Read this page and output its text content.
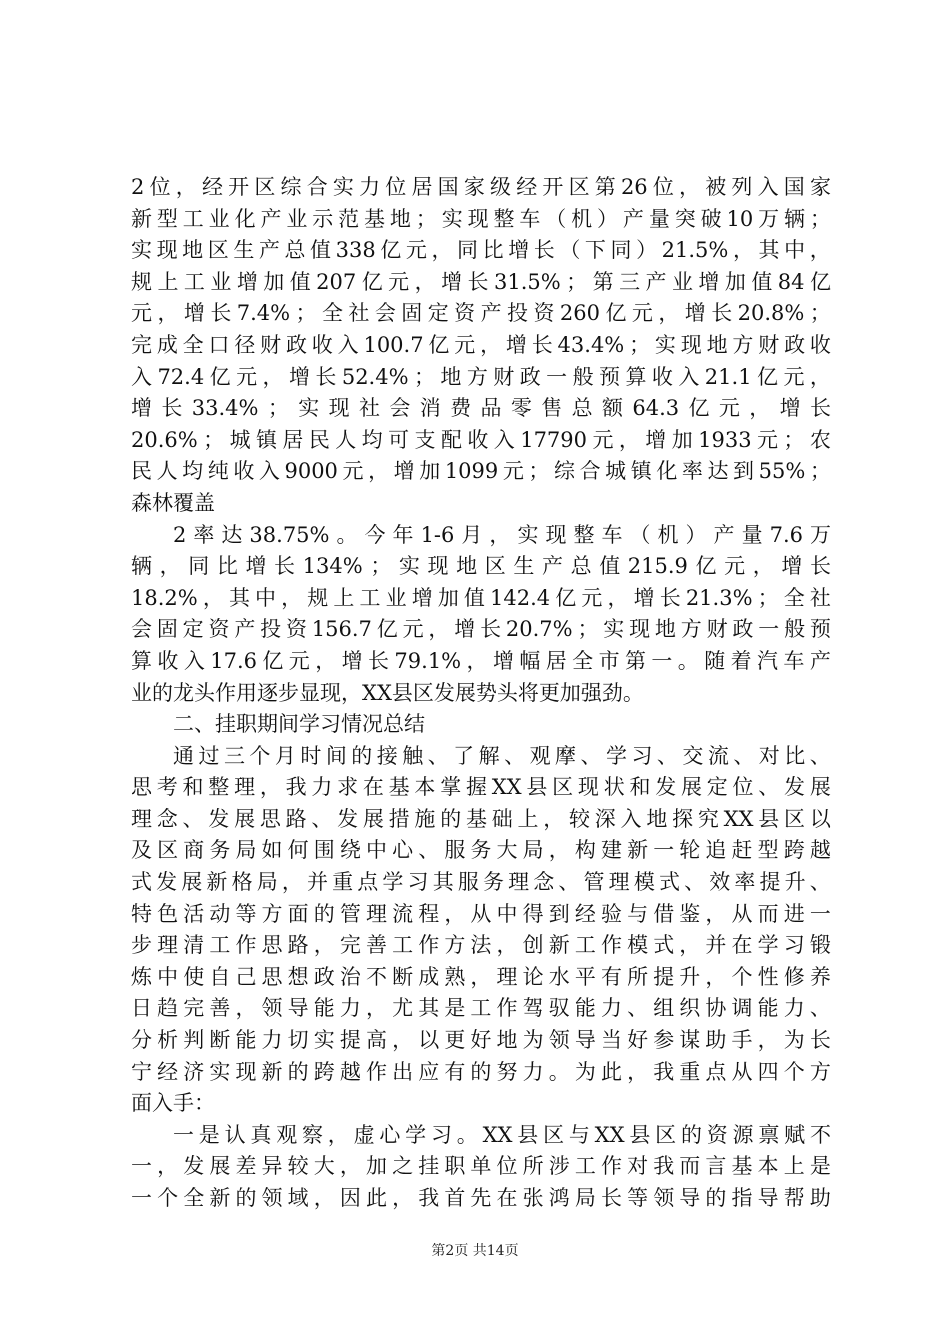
2 位 ， 经 开 区 综 合 实 力 位 居 国 家 级 经 开 区 第 26 位 ， 被 列 入 国 家
新 型 工 业 化 产 业 示 范 基 地 ； 实 现 整 车 （ 机 ） 产 量 突 破 10 万 辆 ；
实 现 地 区 生 产 总 值 338 亿 元 ， 同 比 增 长 （ 下 同 ） 21.5% ， 其 中 ，
规 上 工 业 增 加 值 207 亿 元 ， 增 长 31.5% ； 第 三 产 业 增 加 值 84 亿
元 ， 增 长 7.4% ； 全 社 会 固 定 资 产 投 资 260 亿 元 ， 增 长 20.8% ；
完 成 全 口 径 财 政 收 入 100.7 亿 元 ， 增 长 43.4% ； 实 现 地 方 财 政 收
入 72.4 亿 元 ， 增 长 52.4% ； 地 方 财 政 一 般 预 算 收 入 21.1 亿 元 ，
增 长 33.4% ； 实 现 社 会 消 费 品 零 售 总 额 64.3 亿 元 ， 增 长
20.6% ； 城 镇 居 民 人 均 可 支 配 收 入 17790 元 ， 增 加 1933 元 ； 农
民 人 均 纯 收 入 9000 元 ， 增 加 1099 元 ； 综 合 城 镇 化 率 达 到 55% ；
森林覆盖
2 率 达 38.75% 。 今 年 1-6 月 ， 实 现 整 车 （ 机 ） 产 量 7.6 万
辆 ， 同 比 增 长 134% ； 实 现 地 区 生 产 总 值 215.9 亿 元 ， 增 长
18.2% ， 其 中 ， 规 上 工 业 增 加 值 142.4 亿 元 ， 增 长 21.3% ； 全 社
会 固 定 资 产 投 资 156.7 亿 元 ， 增 长 20.7% ； 实 现 地 方 财 政 一 般 预
算 收 入 17.6 亿 元 ， 增 长 79.1% ， 增 幅 居 全 市 第 一 。 随 着 汽 车 产
业的龙头作用逐步显现，XX县区发展势头将更加强劲。
二、挂职期间学习情况总结
通 过 三 个 月 时 间 的 接 触 、 了 解 、 观 摩 、 学 习 、 交 流 、 对 比 、
思 考 和 整 理 ， 我 力 求 在 基 本 掌 握 XX 县 区 现 状 和 发 展 定 位 、 发 展
理 念 、 发 展 思 路 、 发 展 措 施 的 基 础 上 ， 较 深 入 地 探 究 XX 县 区 以
及 区 商 务 局 如 何 围 绕 中 心 、 服 务 大 局 ， 构 建 新 一 轮 追 赶 型 跨 越
式 发 展 新 格 局 ， 并 重 点 学 习 其 服 务 理 念 、 管 理 模 式 、 效 率 提 升 、
特 色 活 动 等 方 面 的 管 理 流 程 ， 从 中 得 到 经 验 与 借 鉴 ， 从 而 进 一
步 理 清 工 作 思 路 ， 完 善 工 作 方 法 ， 创 新 工 作 模 式 ， 并 在 学 习 锻
炼 中 使 自 己 思 想 政 治 不 断 成 熟 ， 理 论 水 平 有 所 提 升 ， 个 性 修 养
日 趋 完 善 ， 领 导 能 力 ， 尤 其 是 工 作 驾 驭 能 力 、 组 织 协 调 能 力 、
分 析 判 断 能 力 切 实 提 高 ， 以 更 好 地 为 领 导 当 好 参 谋 助 手 ， 为 长
宁 经 济 实 现 新 的 跨 越 作 出 应 有 的 努 力 。 为 此 ， 我 重 点 从 四 个 方
面入手：
一 是 认 真 观 察 ， 虚 心 学 习 。 XX 县 区 与 XX 县 区 的 资 源 禀 赋 不
一 ， 发 展 差 异 较 大 ， 加 之 挂 职 单 位 所 涉 工 作 对 我 而 言 基 本 上 是
一 个 全 新 的 领 域 ， 因 此 ， 我 首 先 在 张 鸿 局 长 等 领 导 的 指 导 帮 助
第2页 共14页
